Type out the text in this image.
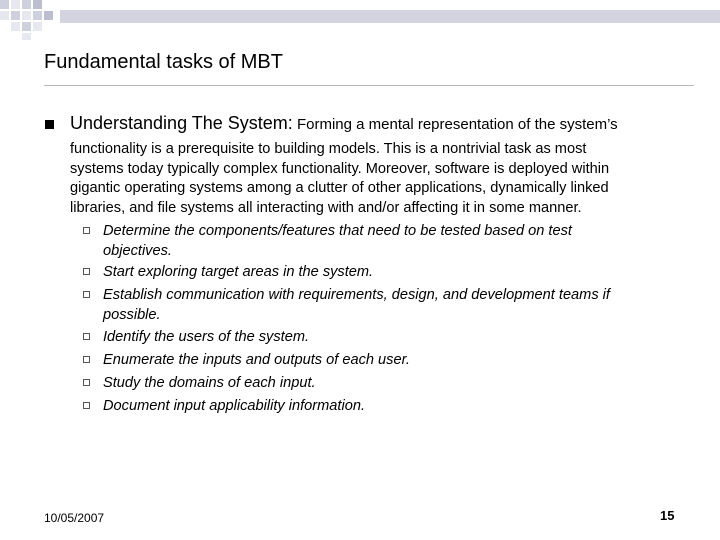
Fundamental tasks of MBT
Understanding The System: Forming a mental representation of the system’s
functionality is a prerequisite to building models. This is a nontrivial task as most
systems today typically complex functionality. Moreover, software is deployed within
gigantic operating systems among a clutter of other applications, dynamically linked
libraries, and file systems all interacting with and/or affecting it in some manner.
Determine the components/features that need to be tested based on test
objectives.
Start exploring target areas in the system.
Establish communication with requirements, design, and development teams if
possible.
Identify the users of the system.
Enumerate the inputs and outputs of each user.
Study the domains of each input.
Document input applicability information.
10/05/2007	15
